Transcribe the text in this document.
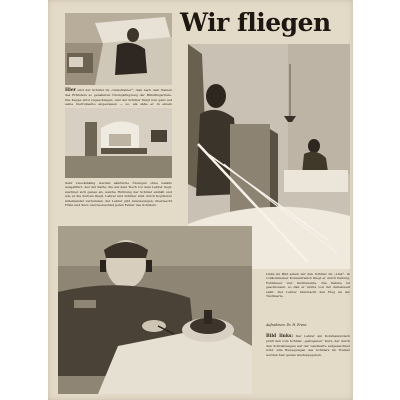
Wir fliegen
Hier sitzt der Schüler im „Linkstrainer“, dem nach dem Namen des Erfinders so genannten Übungsflugzeug der Blindflugschule. Die Kappe wird zugeschlagen, und der Schüler fliegt nun ganz auf seine Instrumente angewiesen — so, als säße er in einem
Sehr zweckmäßig werden sämtliche Übungen ohne Gefahr ausgeführt. Auf der Karte, die auf dem Tisch vor dem Lehrer liegt, zeichnet sich genau ab, welche Richtung der Schüler einhält und wie er die Kurven fliegt. Lehrer und Schüler sind durch Kopfhörer miteinander verbunden; der Lehrer gibt Anweisungen, überwacht Höhe und Kurs und beobachtet jeden Fehler des Schülers.
Links im Bild sehen wir den Schüler im „Link“. In vollkommener Konzentration fliegt er durch Peilung, Funkfeuer und Instrumente. Die Kabine ist geschlossen, so daß er nichts von der Außenwelt sieht. Der Lehrer überwacht den Flug an der Tischkarte.
Aufnahmen: Dr. H. Franz
Bild links: Der Lehrer am Kommandotisch prüft den vom Schüler „geflogenen“ Kurs, der durch den Schreibwagen auf der Landkarte aufgezeichnet wird. Alle Bewegungen des Schülers im Trainer werden hier genau wiedergegeben.
